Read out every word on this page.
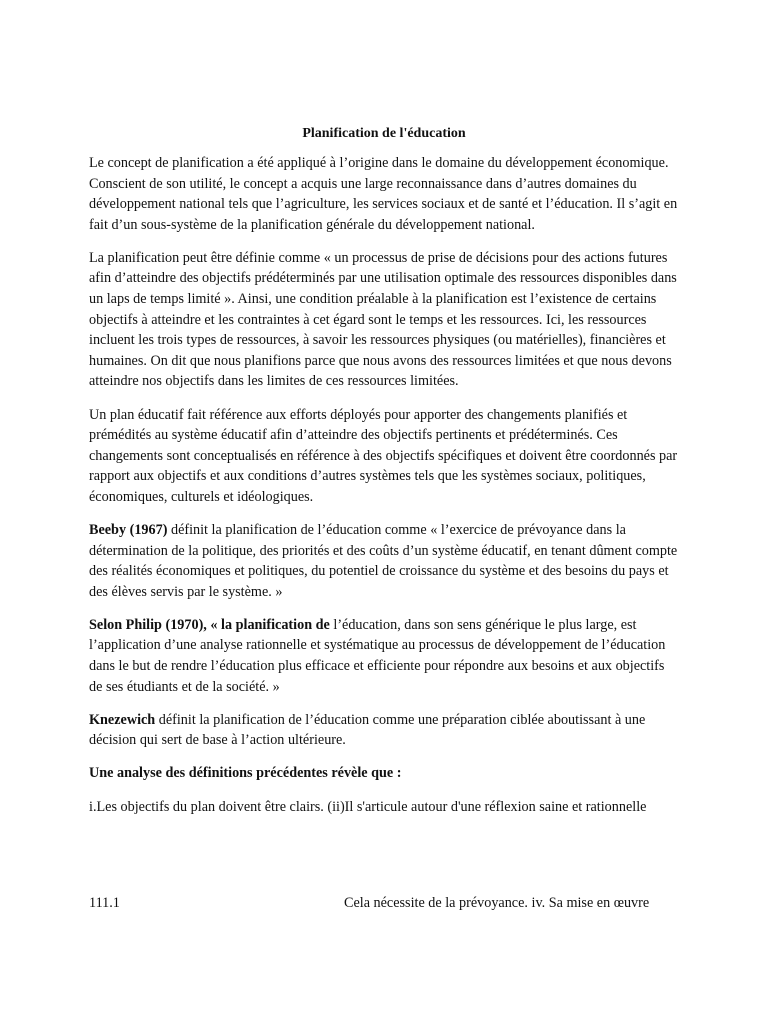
Planification de l'éducation

Le concept de planification a été appliqué à l’origine dans le domaine du développement économique. Conscient de son utilité, le concept a acquis une large reconnaissance dans d’autres domaines du développement national tels que l’agriculture, les services sociaux et de santé et l’éducation. Il s’agit en fait d’un sous-système de la planification générale du développement national.

La planification peut être définie comme « un processus de prise de décisions pour des actions futures afin d’atteindre des objectifs prédéterminés par une utilisation optimale des ressources disponibles dans un laps de temps limité ». Ainsi, une condition préalable à la planification est l’existence de certains objectifs à atteindre et les contraintes à cet égard sont le temps et les ressources. Ici, les ressources incluent les trois types de ressources, à savoir les ressources physiques (ou matérielles), financières et humaines. On dit que nous planifions parce que nous avons des ressources limitées et que nous devons atteindre nos objectifs dans les limites de ces ressources limitées.

Un plan éducatif fait référence aux efforts déployés pour apporter des changements planifiés et prémédités au système éducatif afin d’atteindre des objectifs pertinents et prédéterminés. Ces changements sont conceptualisés en référence à des objectifs spécifiques et doivent être coordonnés par rapport aux objectifs et aux conditions d’autres systèmes tels que les systèmes sociaux, politiques, économiques, culturels et idéologiques.

Beeby (1967) définit la planification de l’éducation comme « l’exercice de prévoyance dans la détermination de la politique, des priorités et des coûts d’un système éducatif, en tenant dûment compte des réalités économiques et politiques, du potentiel de croissance du système et des besoins du pays et des élèves servis par le système. »

Selon Philip (1970), « la planification de l’éducation, dans son sens générique le plus large, est l’application d’une analyse rationnelle et systématique au processus de développement de l’éducation dans le but de rendre l’éducation plus efficace et efficiente pour répondre aux besoins et aux objectifs de ses étudiants et de la société. »

Knezewich définit la planification de l’éducation comme une préparation ciblée aboutissant à une décision qui sert de base à l’action ultérieure.

Une analyse des définitions précédentes révèle que :

i.Les objectifs du plan doivent être clairs. (ii)Il s'articule autour d'une réflexion saine et rationnelle

111.1	Cela nécessite de la prévoyance. iv. Sa mise en œuvre
